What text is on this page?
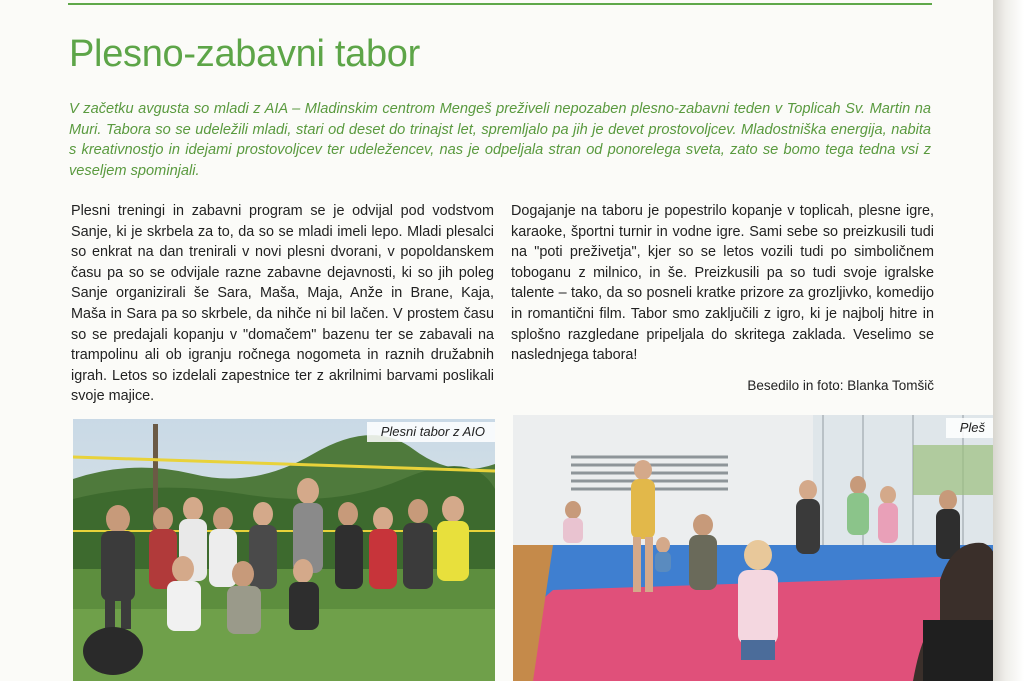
Plesno-zabavni tabor

V začetku avgusta so mladi z AIA – Mladinskim centrom Mengeš preživeli nepozaben plesno-zabavni teden v Toplicah Sv. Martin na Muri. Tabora so se udeležili mladi, stari od deset do trinajst let, spremljalo pa jih je devet prostovoljcev. Mladostniška energija, nabita s kreativnostjo in idejami prostovoljcev ter udeležencev, nas je odpeljala stran od ponorelega sveta, zato se bomo tega tedna vsi z veseljem spominjali.

Plesni treningi in zabavni program se je odvijal pod vodstvom Sanje, ki je skrbela za to, da so se mladi imeli lepo. Mladi plesalci so enkrat na dan trenirali v novi plesni dvorani, v popoldanskem času pa so se odvijale razne zabavne dejavnosti, ki so jih poleg Sanje organizirali še Sara, Maša, Maja, Anže in Brane, Kaja, Maša in Sara pa so skrbele, da nihče ni bil lačen. V prostem času so se predajali kopanju v "domačem" bazenu ter se zabavali na trampolinu ali ob igranju ročnega nogometa in raznih družabnih igrah. Letos so izdelali zapestnice ter z akrilnimi barvami poslikali svoje majice.

Dogajanje na taboru je popestrilo kopanje v toplicah, plesne igre, karaoke, športni turnir in vodne igre. Sami sebe so preizkusili tudi na "poti preživetja", kjer so se letos vozili tudi po simboličnem toboganu z milnico, in še. Preizkusili pa so tudi svoje igralske talente – tako, da so posneli kratke prizore za grozljivko, komedijo in romantični film. Tabor smo zaključili z igro, ki je najbolj hitre in splošno razgledane pripeljala do skritega zaklada. Veselimo se naslednjega tabora!

Besedilo in foto: Blanka Tomšič
Plesni tabor z AIO	Pleš
